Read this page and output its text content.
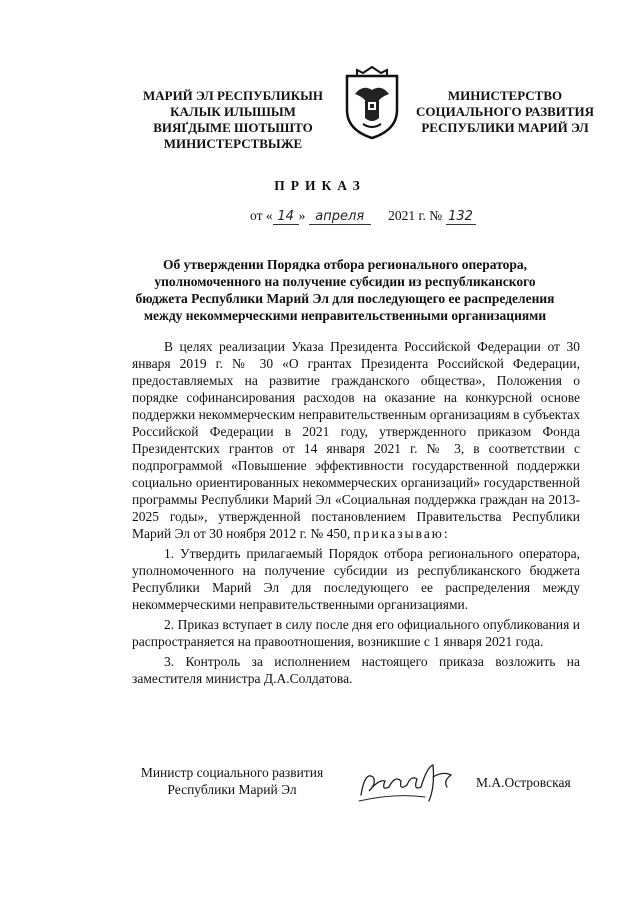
МАРИЙ ЭЛ РЕСПУБЛИКЫН
КАЛЫК ИЛЫШЫМ
ВИЯҐДЫМЕ ШОТЫШТО
МИНИСТЕРСТВЫЖЕ
МИНИСТЕРСТВО
СОЦИАЛЬНОГО РАЗВИТИЯ
РЕСПУБЛИКИ МАРИЙ ЭЛ
ПРИКАЗ
от « 14 » апреля 2021 г. № 132
Об утверждении Порядка отбора регионального оператора,
уполномоченного на получение субсидии из республиканского
бюджета Республики Марий Эл для последующего ее распределения
между некоммерческими неправительственными организациями

В целях реализации Указа Президента Российской Федерации от 30 января 2019 г. № 30 «О грантах Президента Российской Федерации, предоставляемых на развитие гражданского общества», Положения о порядке софинансирования расходов на оказание на конкурсной основе поддержки некоммерческим неправительственным организациям в субъектах Российской Федерации в 2021 году, утвержденного приказом Фонда Президентских грантов от 14 января 2021 г. № 3, в соответствии с подпрограммой «Повышение эффективности государственной поддержки социально ориентированных некоммерческих организаций» государственной программы Республики Марий Эл «Социальная поддержка граждан на 2013-2025 годы», утвержденной постановлением Правительства Республики Марий Эл от 30 ноября 2012 г. № 450, приказываю:

1. Утвердить прилагаемый Порядок отбора регионального оператора, уполномоченного на получение субсидии из республиканского бюджета Республики Марий Эл для последующего ее распределения между некоммерческими неправительственными организациями.

2. Приказ вступает в силу после дня его официального опубликования и распространяется на правоотношения, возникшие с 1 января 2021 года.

3. Контроль за исполнением настоящего приказа возложить на заместителя министра Д.А.Солдатова.

Министр социального развития
Республики Марий Эл	М.А.Островская
